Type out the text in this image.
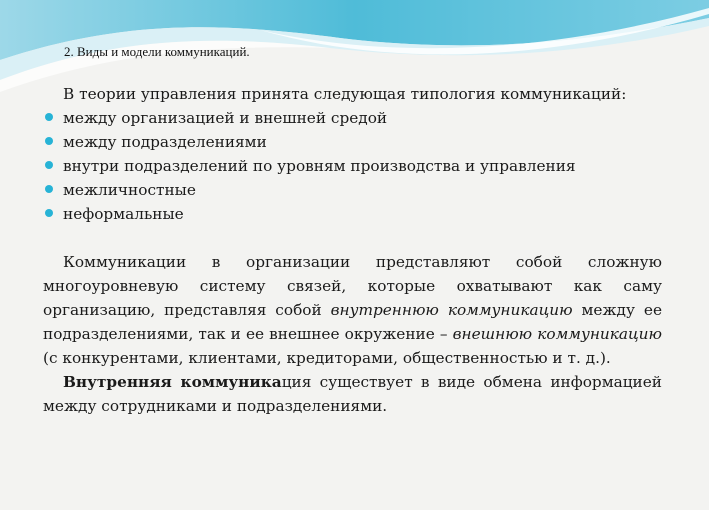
2. Виды и модели коммуникаций.

В теории управления принята следующая типология коммуникаций:

между организацией и внешней средой
между подразделениями
внутри подразделений по уровням производства и управления
межличностные
неформальные

Коммуникации в организации представляют собой сложную многоуровневую систему связей, которые охватывают как саму организацию, представляя собой внутреннюю коммуникацию между ее подразделениями, так и ее внешнее окружение – внешнюю коммуникацию (с конкурентами, клиентами, кредиторами, общественностью и т. д.).

Внутренняя коммуникация существует в виде обмена информацией между сотрудниками и подразделениями.
